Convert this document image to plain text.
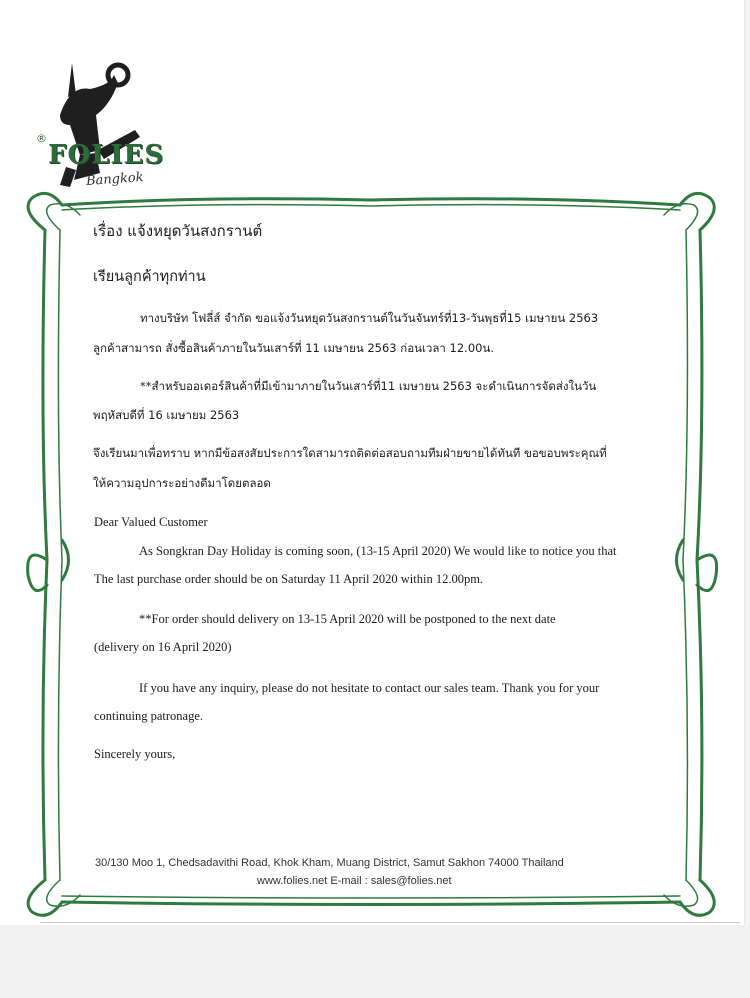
®
FOLIES
Bangkok
เรื่อง แจ้งหยุดวันสงกรานต์
เรียนลูกค้าทุกท่าน
ทางบริษัท โฟลี่ส์ จำกัด ขอแจ้งวันหยุดวันสงกรานต์ในวันจันทร์ที่13-วันพุธที่15 เมษายน 2563
ลูกค้าสามารถ สั่งซื้อสินค้าภายในวันเสาร์ที่ 11 เมษายน 2563 ก่อนเวลา 12.00น.
**สำหรับออเดอร์สินค้าที่มีเข้ามาภายในวันเสาร์ที่11 เมษายน 2563 จะดำเนินการจัดส่งในวัน
พฤหัสบดีที่ 16 เมษายม 2563
จึงเรียนมาเพื่อทราบ หากมีข้อสงสัยประการใดสามารถติดต่อสอบถามทีมฝ่ายขายได้ทันที ขอขอบพระคุณที่
ให้ความอุปการะอย่างดีมาโดยตลอด
Dear Valued Customer
As Songkran Day Holiday is coming soon, (13-15 April 2020) We would like to notice you that
The last purchase order should be on Saturday 11 April 2020 within 12.00pm.
**For order should delivery on 13-15 April 2020 will be postponed to the next date
(delivery on 16 April 2020)
If you have any inquiry, please do not hesitate to contact our sales team. Thank you for your
continuing patronage.
Sincerely yours,
30/130 Moo 1, Chedsadavithi Road, Khok Kham, Muang District, Samut Sakhon 74000 Thailand
www.folies.net E-mail : sales@folies.net
